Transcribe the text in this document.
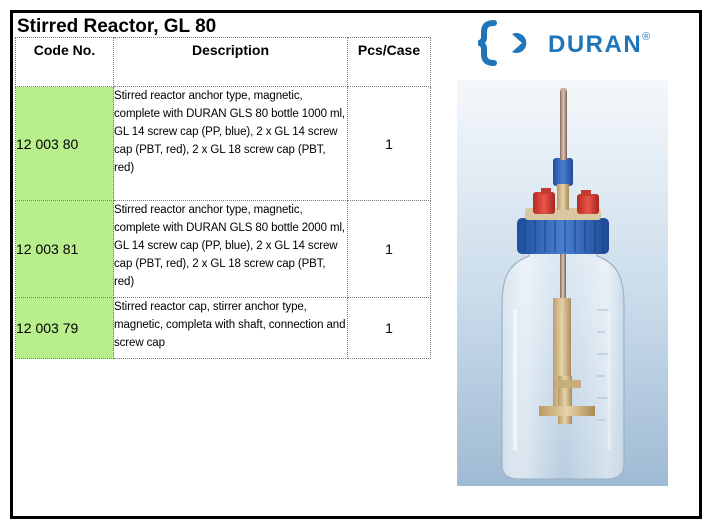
Stirred Reactor, GL 80
Code No.	Description	Pcs/Case
12 003 80	Stirred reactor anchor type, magnetic, complete with DURAN GLS 80 bottle 1000 ml, GL 14 screw cap (PP, blue), 2 x GL 14 screw cap (PBT, red), 2 x GL 18 screw cap (PBT, red)	1
12 003 81	Stirred reactor anchor type, magnetic, complete with DURAN GLS 80 bottle 2000 ml, GL 14 screw cap (PP, blue), 2 x GL 14 screw cap (PBT, red), 2 x GL 18 screw cap (PBT, red)	1
12 003 79	Stirred reactor cap, stirrer anchor type, magnetic, completa with shaft, connection and screw cap	1
DURAN®
